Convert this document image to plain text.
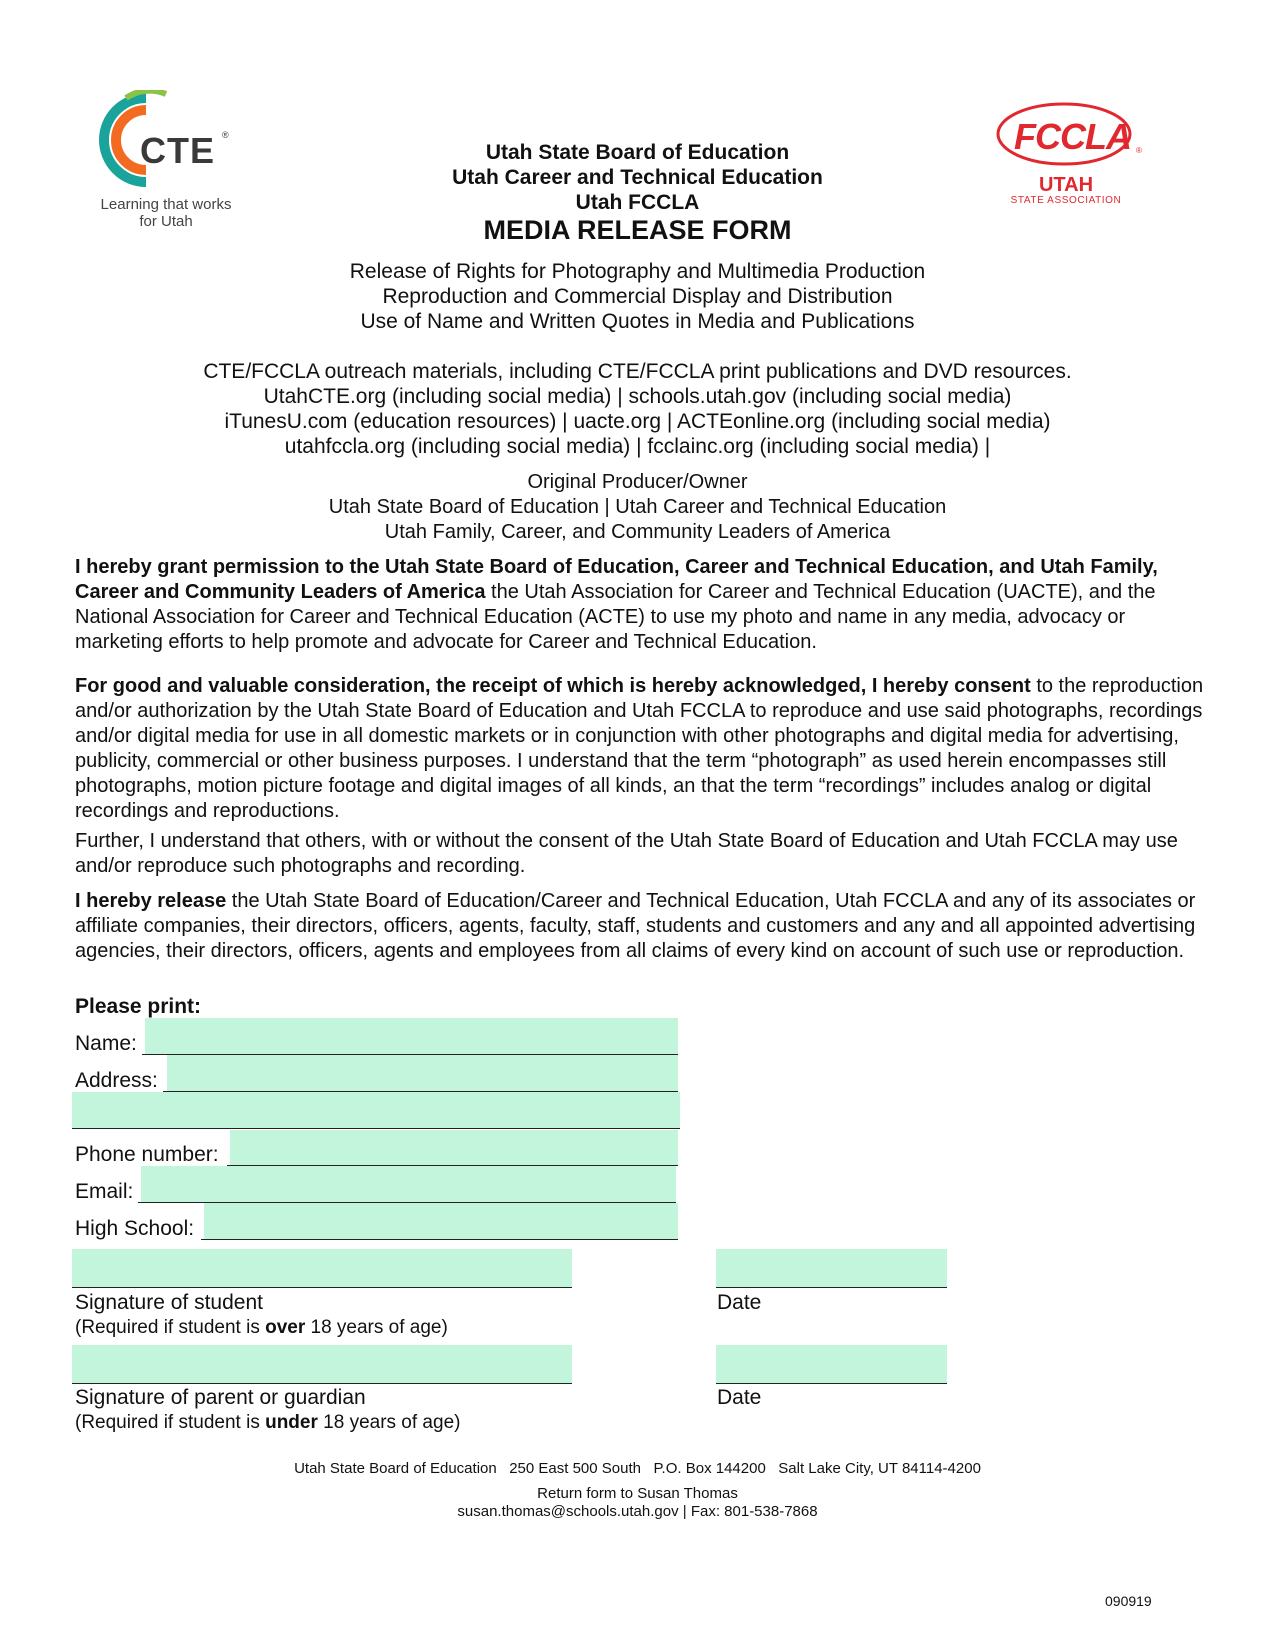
CTE ®
Learning that works
for Utah
FCCLA ®
UTAH
STATE ASSOCIATION
Utah State Board of Education
Utah Career and Technical Education
Utah FCCLA
MEDIA RELEASE FORM
Release of Rights for Photography and Multimedia Production
Reproduction and Commercial Display and Distribution
Use of Name and Written Quotes in Media and Publications
CTE/FCCLA outreach materials, including CTE/FCCLA print publications and DVD resources.
UtahCTE.org (including social media) | schools.utah.gov (including social media)
iTunesU.com (education resources) | uacte.org | ACTEonline.org (including social media)
utahfccla.org (including social media) | fcclainc.org (including social media) |
Original Producer/Owner
Utah State Board of Education | Utah Career and Technical Education
Utah Family, Career, and Community Leaders of America
I hereby grant permission to the Utah State Board of Education, Career and Technical Education, and Utah Family, Career and Community Leaders of America the Utah Association for Career and Technical Education (UACTE), and the National Association for Career and Technical Education (ACTE) to use my photo and name in any media, advocacy or marketing efforts to help promote and advocate for Career and Technical Education.
For good and valuable consideration, the receipt of which is hereby acknowledged, I hereby consent to the reproduction and/or authorization by the Utah State Board of Education and Utah FCCLA to reproduce and use said photographs, recordings and/or digital media for use in all domestic markets or in conjunction with other photographs and digital media for advertising, publicity, commercial or other business purposes. I understand that the term “photograph” as used herein encompasses still photographs, motion picture footage and digital images of all kinds, an that the term “recordings” includes analog or digital recordings and reproductions.
Further, I understand that others, with or without the consent of the Utah State Board of Education and Utah FCCLA may use and/or reproduce such photographs and recording.
I hereby release the Utah State Board of Education/Career and Technical Education, Utah FCCLA and any of its associates or affiliate companies, their directors, officers, agents, faculty, staff, students and customers and any and all appointed advertising agencies, their directors, officers, agents and employees from all claims of every kind on account of such use or reproduction.
Please print:
Name:
Address:
Phone number:
Email:
High School:
Signature of student	Date
(Required if student is over 18 years of age)
Signature of parent or guardian	Date
(Required if student is under 18 years of age)
Utah State Board of Education   250 East 500 South   P.O. Box 144200   Salt Lake City, UT 84114-4200
Return form to Susan Thomas
susan.thomas@schools.utah.gov | Fax: 801-538-7868
090919
